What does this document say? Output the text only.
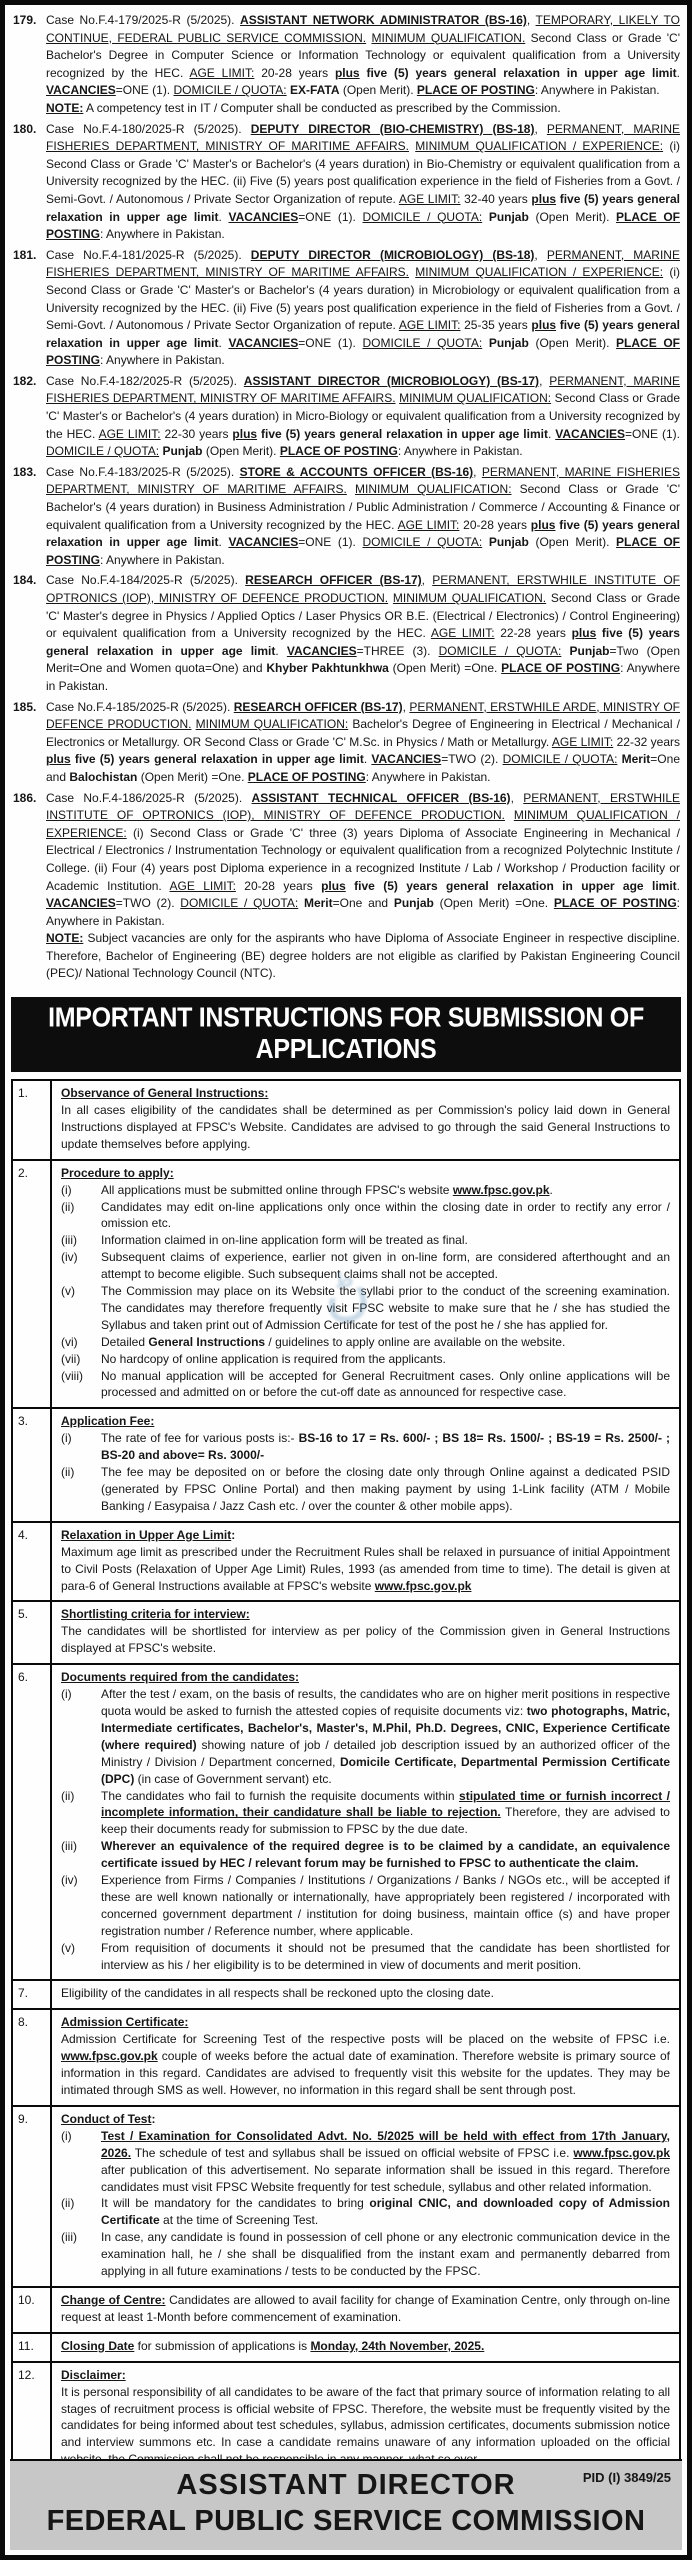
179. Case No.F.4-179/2025-R (5/2025). ASSISTANT NETWORK ADMINISTRATOR (BS-16), TEMPORARY, LIKELY TO CONTINUE, FEDERAL PUBLIC SERVICE COMMISSION. MINIMUM QUALIFICATION. Second Class or Grade 'C' Bachelor's Degree in Computer Science or Information Technology or equivalent qualification from a University recognized by the HEC. AGE LIMIT: 20-28 years plus five (5) years general relaxation in upper age limit. VACANCIES=ONE (1). DOMICILE / QUOTA: EX-FATA (Open Merit). PLACE OF POSTING: Anywhere in Pakistan.

NOTE: A competency test in IT / Computer shall be conducted as prescribed by the Commission.

180. Case No.F.4-180/2025-R (5/2025). DEPUTY DIRECTOR (BIO-CHEMISTRY) (BS-18), PERMANENT, MARINE FISHERIES DEPARTMENT, MINISTRY OF MARITIME AFFAIRS. MINIMUM QUALIFICATION / EXPERIENCE: (i) Second Class or Grade 'C' Master's or Bachelor's (4 years duration) in Bio-Chemistry or equivalent qualification from a University recognized by the HEC. (ii) Five (5) years post qualification experience in the field of Fisheries from a Govt. / Semi-Govt. / Autonomous / Private Sector Organization of repute. AGE LIMIT: 32-40 years plus five (5) years general relaxation in upper age limit. VACANCIES=ONE (1). DOMICILE / QUOTA: Punjab (Open Merit). PLACE OF POSTING: Anywhere in Pakistan.

181. Case No.F.4-181/2025-R (5/2025). DEPUTY DIRECTOR (MICROBIOLOGY) (BS-18), PERMANENT, MARINE FISHERIES DEPARTMENT, MINISTRY OF MARITIME AFFAIRS. MINIMUM QUALIFICATION / EXPERIENCE: (i) Second Class or Grade 'C' Master's or Bachelor's (4 years duration) in Microbiology or equivalent qualification from a University recognized by the HEC. (ii) Five (5) years post qualification experience in the field of Fisheries from a Govt. / Semi-Govt. / Autonomous / Private Sector Organization of repute. AGE LIMIT: 25-35 years plus five (5) years general relaxation in upper age limit. VACANCIES=ONE (1). DOMICILE / QUOTA: Punjab (Open Merit). PLACE OF POSTING: Anywhere in Pakistan.

182. Case No.F.4-182/2025-R (5/2025). ASSISTANT DIRECTOR (MICROBIOLOGY) (BS-17), PERMANENT, MARINE FISHERIES DEPARTMENT, MINISTRY OF MARITIME AFFAIRS. MINIMUM QUALIFICATION: Second Class or Grade 'C' Master's or Bachelor's (4 years duration) in Micro-Biology or equivalent qualification from a University recognized by the HEC. AGE LIMIT: 22-30 years plus five (5) years general relaxation in upper age limit. VACANCIES=ONE (1). DOMICILE / QUOTA: Punjab (Open Merit). PLACE OF POSTING: Anywhere in Pakistan.

183. Case No.F.4-183/2025-R (5/2025). STORE & ACCOUNTS OFFICER (BS-16), PERMANENT, MARINE FISHERIES DEPARTMENT, MINISTRY OF MARITIME AFFAIRS. MINIMUM QUALIFICATION: Second Class or Grade 'C' Bachelor's (4 years duration) in Business Administration / Public Administration / Commerce / Accounting & Finance or equivalent qualification from a University recognized by the HEC. AGE LIMIT: 20-28 years plus five (5) years general relaxation in upper age limit. VACANCIES=ONE (1). DOMICILE / QUOTA: Punjab (Open Merit). PLACE OF POSTING: Anywhere in Pakistan.

184. Case No.F.4-184/2025-R (5/2025). RESEARCH OFFICER (BS-17), PERMANENT, ERSTWHILE INSTITUTE OF OPTRONICS (IOP), MINISTRY OF DEFENCE PRODUCTION. MINIMUM QUALIFICATION. Second Class or Grade 'C' Master's degree in Physics / Applied Optics / Laser Physics OR B.E. (Electrical / Electronics) / Control Engineering) or equivalent qualification from a University recognized by the HEC. AGE LIMIT: 22-28 years plus five (5) years general relaxation in upper age limit. VACANCIES=THREE (3). DOMICILE / QUOTA: Punjab=Two (Open Merit=One and Women quota=One) and Khyber Pakhtunkhwa (Open Merit) =One. PLACE OF POSTING: Anywhere in Pakistan.

185. Case No.F.4-185/2025-R (5/2025). RESEARCH OFFICER (BS-17), PERMANENT, ERSTWHILE ARDE, MINISTRY OF DEFENCE PRODUCTION. MINIMUM QUALIFICATION: Bachelor's Degree of Engineering in Electrical / Mechanical / Electronics or Metallurgy. OR Second Class or Grade 'C' M.Sc. in Physics / Math or Metallurgy. AGE LIMIT: 22-32 years plus five (5) years general relaxation in upper age limit. VACANCIES=TWO (2). DOMICILE / QUOTA: Merit=One and Balochistan (Open Merit) =One. PLACE OF POSTING: Anywhere in Pakistan.

186. Case No.F.4-186/2025-R (5/2025). ASSISTANT TECHNICAL OFFICER (BS-16), PERMANENT, ERSTWHILE INSTITUTE OF OPTRONICS (IOP), MINISTRY OF DEFENCE PRODUCTION. MINIMUM QUALIFICATION / EXPERIENCE: (i) Second Class or Grade 'C' three (3) years Diploma of Associate Engineering in Mechanical / Electrical / Electronics / Instrumentation Technology or equivalent qualification from a recognized Polytechnic Institute / College. (ii) Four (4) years post Diploma experience in a recognized Institute / Lab / Workshop / Production facility or Academic Institution. AGE LIMIT: 20-28 years plus five (5) years general relaxation in upper age limit. VACANCIES=TWO (2). DOMICILE / QUOTA: Merit=One and Punjab (Open Merit) =One. PLACE OF POSTING: Anywhere in Pakistan.

NOTE: Subject vacancies are only for the aspirants who have Diploma of Associate Engineer in respective discipline. Therefore, Bachelor of Engineering (BE) degree holders are not eligible as clarified by Pakistan Engineering Council (PEC)/ National Technology Council (NTC).

IMPORTANT INSTRUCTIONS FOR SUBMISSION OF APPLICATIONS
1.	Observance of General Instructions:

In all cases eligibility of the candidates shall be determined as per Commission's policy laid down in General Instructions displayed at FPSC's Website. Candidates are advised to go through the said General Instructions to update themselves before applying.

2.	Procedure to apply:

(i)	All applications must be submitted online through FPSC's website www.fpsc.gov.pk.
(ii)	Candidates may edit on-line applications only once within the closing date in order to rectify any error / omission etc.
(iii)	Information claimed in on-line application form will be treated as final.
(iv)	Subsequent claims of experience, earlier not given in on-line form, are considered afterthought and an attempt to become eligible. Such subsequent claims shall not be accepted.
(v)	The Commission may place on its Website the syllabi prior to the conduct of the screening examination. The candidates may therefore frequently visit FPSC website to make sure that he / she has studied the Syllabus and taken print out of Admission Certificate for test of the post he / she has applied for.
(vi)	Detailed General Instructions / guidelines to apply online are available on the website.
(vii)	No hardcopy of online application is required from the applicants.
(viii)	No manual application will be accepted for General Recruitment cases. Only online applications will be processed and admitted on or before the cut-off date as announced for respective case.
3.	Application Fee:

(i)	The rate of fee for various posts is:- BS-16 to 17 = Rs. 600/- ; BS 18= Rs. 1500/- ; BS-19 = Rs. 2500/- ; BS-20 and above= Rs. 3000/-
(ii)	The fee may be deposited on or before the closing date only through Online against a dedicated PSID (generated by FPSC Online Portal) and then making payment by using 1-Link facility (ATM / Mobile Banking / Easypaisa / Jazz Cash etc. / over the counter & other mobile apps).
4.	Relaxation in Upper Age Limit:

Maximum age limit as prescribed under the Recruitment Rules shall be relaxed in pursuance of initial Appointment to Civil Posts (Relaxation of Upper Age Limit) Rules, 1993 (as amended from time to time). The detail is given at para-6 of General Instructions available at FPSC's website www.fpsc.gov.pk

5.	Shortlisting criteria for interview:

The candidates will be shortlisted for interview as per policy of the Commission given in General Instructions displayed at FPSC's website.

6.	Documents required from the candidates:

(i)	After the test / exam, on the basis of results, the candidates who are on higher merit positions in respective quota would be asked to furnish the attested copies of requisite documents viz: two photographs, Matric, Intermediate certificates, Bachelor's, Master's, M.Phil, Ph.D. Degrees, CNIC, Experience Certificate (where required) showing nature of job / detailed job description issued by an authorized officer of the Ministry / Division / Department concerned, Domicile Certificate, Departmental Permission Certificate (DPC) (in case of Government servant) etc.
(ii)	The candidates who fail to furnish the requisite documents within stipulated time or furnish incorrect / incomplete information, their candidature shall be liable to rejection. Therefore, they are advised to keep their documents ready for submission to FPSC by the due date.
(iii)	Wherever an equivalence of the required degree is to be claimed by a candidate, an equivalence certificate issued by HEC / relevant forum may be furnished to FPSC to authenticate the claim.
(iv)	Experience from Firms / Companies / Institutions / Organizations / Banks / NGOs etc., will be accepted if these are well known nationally or internationally, have appropriately been registered / incorporated with concerned government department / institution for doing business, maintain office (s) and have proper registration number / Reference number, where applicable.
(v)	From requisition of documents it should not be presumed that the candidate has been shortlisted for interview as his / her eligibility is to be determined in view of documents and merit position.
7.	Eligibility of the candidates in all respects shall be reckoned upto the closing date.

8.	Admission Certificate:

Admission Certificate for Screening Test of the respective posts will be placed on the website of FPSC i.e. www.fpsc.gov.pk couple of weeks before the actual date of examination. Therefore website is primary source of information in this regard. Candidates are advised to frequently visit this website for the updates. They may be intimated through SMS as well. However, no information in this regard shall be sent through post.

9.	Conduct of Test:

(i)	Test / Examination for Consolidated Advt. No. 5/2025 will be held with effect from 17th January, 2026. The schedule of test and syllabus shall be issued on official website of FPSC i.e. www.fpsc.gov.pk after publication of this advertisement. No separate information shall be issued in this regard. Therefore candidates must visit FPSC Website frequently for test schedule, syllabus and other related information.
(ii)	It will be mandatory for the candidates to bring original CNIC, and downloaded copy of Admission Certificate at the time of Screening Test.
(iii)	In case, any candidate is found in possession of cell phone or any electronic communication device in the examination hall, he / she shall be disqualified from the instant exam and permanently debarred from applying in all future examinations / tests to be conducted by the FPSC.
10.	Change of Centre: Candidates are allowed to avail facility for change of Examination Centre, only through on-line request at least 1-Month before commencement of examination.

11.	Closing Date for submission of applications is Monday, 24th November, 2025.

12.	Disclaimer:

It is personal responsibility of all candidates to be aware of the fact that primary source of information relating to all stages of recruitment process is official website of FPSC. Therefore, the website must be frequently visited by the candidates for being informed about test schedules, syllabus, admission certificates, documents submission notice and interview summons etc. In case a candidate remains unaware of any information uploaded on the official

ڻ
PID (I) 3849/25
ASSISTANT DIRECTOR
FEDERAL PUBLIC SERVICE COMMISSION
